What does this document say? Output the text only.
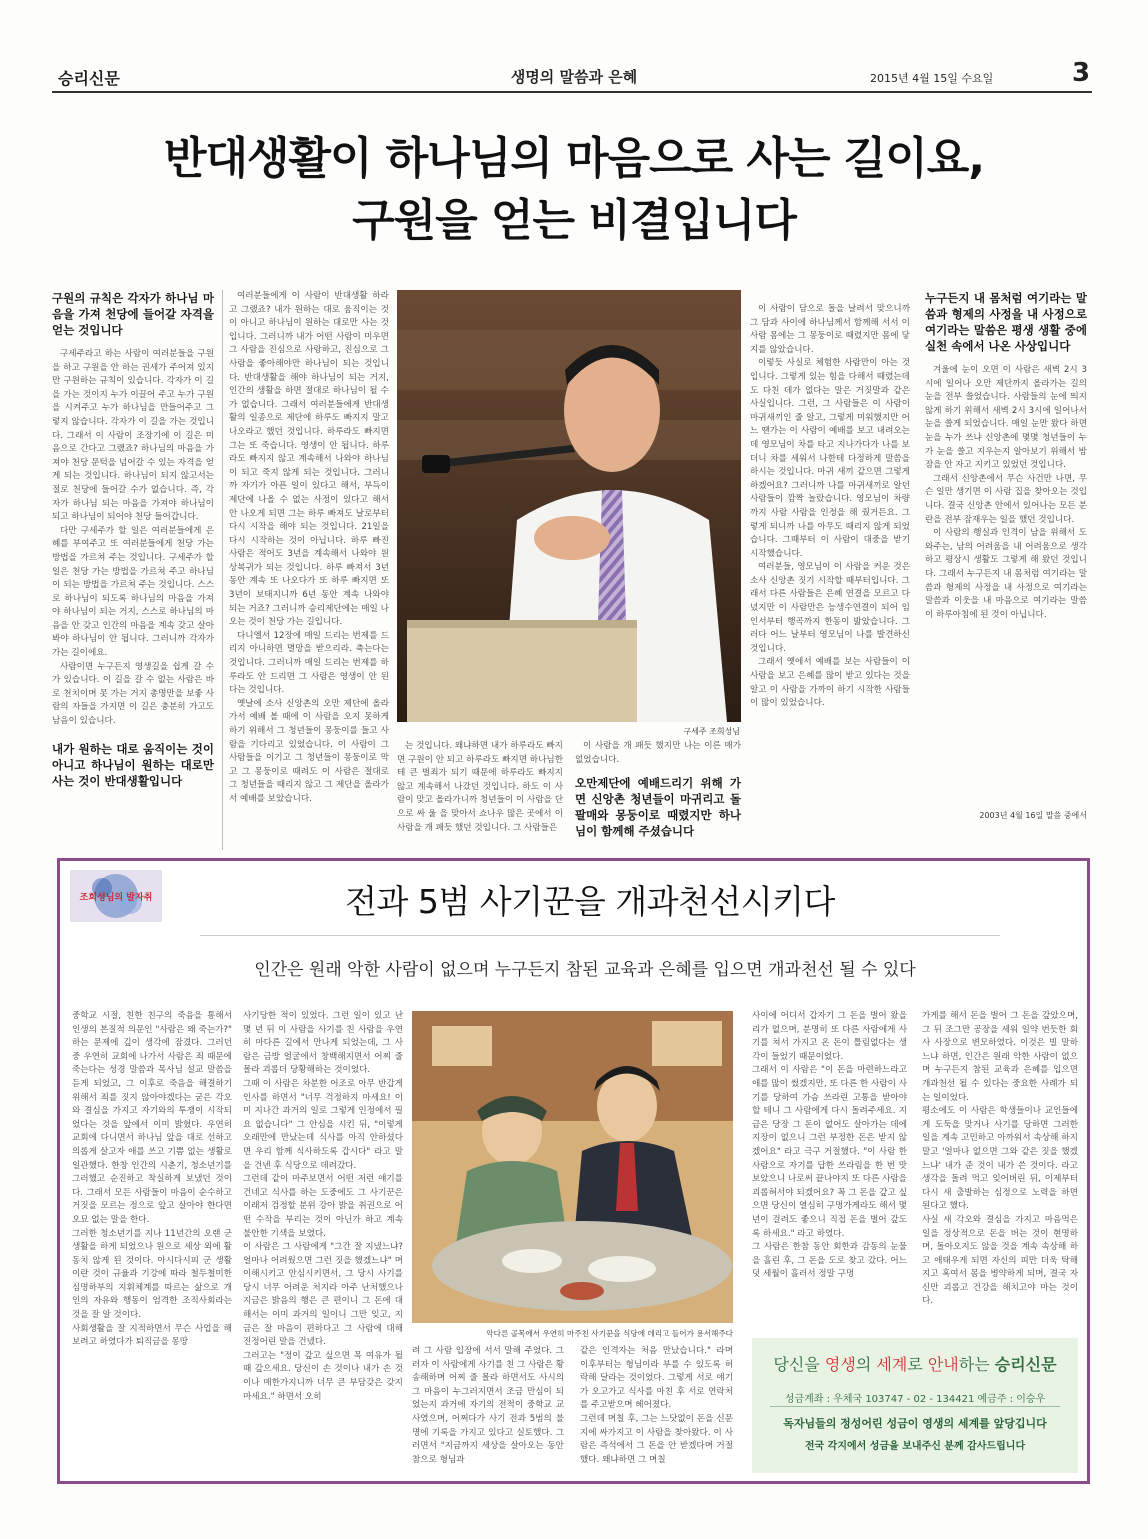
승리신문	생명의 말씀과 은혜	2015년 4월 15일 수요일	3
반대생활이 하나님의 마음으로 사는 길이요,
구원을 얻는 비결입니다
구원의 규칙은 각자가 하나님 마음을 가져 천당에 들어갈 자격을 얻는 것입니다

구세주라고 하는 사람이 여러분들을 구원을 하고 구원을 안 하는 권세가 주어져 있지만 구원하는 규칙이 있습니다. 각자가 이 길을 가는 것이지 누가 이끌어 주고 누가 구원을 시켜주고 누가 하나님을 만들어주고 그렇지 않습니다. 각자가 이 길을 가는 것입니다. 그래서 이 사람이 조장기에 이 길은 미음으로 간다고 그랬죠? 하나님의 마음을 가져야 천당 문턱을 넘어갈 수 있는 자격을 얻게 되는 것입니다. 하나님이 되지 않고서는 절로 천당에 들어갈 수가 없습니다. 즉, 각자가 하나님 되는 마음을 가져야 하나님이 되고 하나님이 되어야 천당 들어갑니다.

다만 구세주가 할 일은 여러분들에게 은혜를 부여주고 또 여러분들에게 천당 가는 방법을 가르쳐 주는 것입니다. 구세주가 할 일은 천당 가는 방법을 가르쳐 주고 하나님이 되는 방법을 가르쳐 주는 것입니다. 스스로 하나님이 되도록 하나님의 마음을 가져야 하나님이 되는 거지, 스스로 하나님의 마음을 안 갖고 인간의 마음을 계속 갖고 살아봐야 하나님이 안 됩니다. 그러니까 각자가 가는 길이에요.

사람이면 누구든지 영생길을 쉽게 갈 수가 있습니다. 이 길을 갈 수 없는 사람은 바로 천치이며 못 가는 거지 총명만을 보좋 사람의 자들을 가지면 이 길은 충분히 가고도 남음이 있습니다.

내가 원하는 대로 움직이는 것이 아니고 하나님이 원하는 대로만 사는 것이 반대생활입니다

여러분들에게 이 사람이 반대생활 하라고 그랬죠? 내가 원하는 대로 움직이는 것이 아니고 하나님이 원하는 대로만 사는 것입니다. 그러니까 내가 어떤 사람이 미우면 그 사람을 진심으로 사랑하고, 진심으로 그 사람을 좋아해야만 하나님이 되는 것입니다. 반대생활을 해야 하나님이 되는 거지, 인간의 생활을 하면 절대로 하나님이 될 수가 없습니다. 그래서 여러분들에게 반대생활의 일종으로 제단에 하루도 빠지지 말고 나오라고 했던 것입니다. 하루라도 빠지면 그는 또 죽습니다. 영생이 안 됩니다. 하루라도 빠지지 않고 계속해서 나와야 하나님이 되고 죽지 않게 되는 것입니다. 그러니까 자기가 아픈 일이 있다고 해서, 부득이 제단에 나올 수 없는 사정이 있다고 해서 안 나오게 되면 그는 하루 빠져도 날로부터 다시 시작을 해야 되는 것입니다. 21일을 다시 시작하는 것이 아닙니다. 하루 빠진 사람은 적어도 3년을 계속해서 나와야 원상복귀가 되는 것입니다. 하루 빠져서 3년 동안 계속 또 나오다가 또 하루 빠지면 또 3년이 보태지니까 6년 동안 계속 나와야 되는 거죠? 그러니까 승리제단에는 매일 나오는 것이 천당 가는 길입니다.

다니엘서 12장에 매일 드리는 번제를 드리지 아니하면 멸망을 받으리라. 축는다는 것입니다. 그러니까 매일 드리는 번제를 하루라도 안 드리면 그 사람은 영생이 안 된다는 것입니다.

옛날에 소사 신앙촌의 오만 제단에 올라가서 예배 볼 때에 이 사람을 오지 못하게 하기 위해서 그 청년들이 몽둥이를 들고 사람을 기다리고 있었습니다. 이 사람이 그 사람들을 이기고 그 청년들이 몽둥이로 막고 그 몽둥이로 때려도 이 사람은 절대로 그 청년들을 때리지 않고 그 제단을 올라가서 예배를 보았습니다.

구세주 조희성님

는 것입니다. 왜냐하면 내가 하루라도 빠지면 구원이 안 되고 하루라도 빠지면 하나님한테 큰 벌죄가 되기 때문에 하루라도 빠지지 않고 계속해서 나갔던 것입니다. 하도 이 사람이 맞고 올라가니까 청년들이 이 사람을 단으로 싸 울 을 맞아서 쇼나우 많은 곳에서 이 사람을 개 패듯 했던 것입니다. 그 사람들은

이 사람을 개 패듯 했지만 나는 이른 매가 없었습니다.

오만제단에 예배드리기 위해 가면 신앙촌 청년들이 마귀리고 돌팔매와 몽둥이로 때렸지만 하나님이 함께해 주셨습니다

이 사람이 담으로 돌을 날려서 맞으니까 그 담과 사이에 하나님께서 함께해 서서 이 사람 몸에는 그 몽둥이로 때렸지만 몸에 닿지를 않았습니다.

이렇듯 사실로 체험한 사람만이 아는 것입니다. 그렇게 있는 힘을 다해서 때렸는데도 다친 데가 없다는 말은 거짓말과 같은 사실입니다. 그런, 그 사람들은 이 사람이 마귀새끼인 줄 알고, 그렇게 미워했지만 어느 땐가는 이 사람이 예배를 보고 내려오는데 영모님이 차를 타고 지나가다가 나를 보더니 차를 세워서 나한테 다정하게 말씀을 하시는 것입니다. 마귀 새끼 같으면 그렇게 하겠어요? 그러니까 나를 마귀새끼로 알던 사람들이 깜짝 놀랐습니다. 영모님이 차량까지 사람 사람을 인정을 해 줬거든요. 그렇게 되니까 나를 아무도 때리지 않게 되었습니다. 그때부터 이 사람이 대중을 받기 시작했습니다.

여러분들, 영모님이 이 사람을 커운 것은 소사 신앙촌 짓기 시작할 때부터입니다. 그래서 다른 사람들은 은혜 연결을 모르고 다녔지만 이 사람만은 능생수연결이 되어 임인서부터 행곡까지 한동이 밟았습니다. 그러다 어느 날부터 영모님이 나를 발견하신 것입니다.

그래서 옛에서 예배를 보는 사람들이 이 사람을 보고 은혜를 많이 받고 있다는 것을 알고 이 사람을 가까이 하기 시작한 사람들이 많이 있었습니다.

누구든지 내 몸처럼 여기라는 말씀과 형제의 사정을 내 사정으로 여기라는 말씀은 평생 생활 중에 실천 속에서 나온 사상입니다

겨울에 눈이 오면 이 사람은 새벽 2시 3시에 일어나 오만 제단까지 올라가는 길의 눈을 전부 쓸었습니다. 사람들의 눈에 띄지 않게 하기 위해서 새벽 2시 3시에 일어나서 눈을 쓸게 되었습니다. 매일 눈만 왔다 하면 눈을 누가 쓰냐 신앙촌에 몇몇 청년들이 누가 눈을 쓸고 지우는지 알아보기 위해서 밤잠을 안 자고 지키고 있었던 것입니다.

그래서 신앙촌에서 무슨 사건만 나면, 무슨 일만 생기면 이 사람 집을 찾아오는 것입니다. 결국 신앙촌 안에서 있어나는 모든 분란을 전부 잠재우는 일을 했던 것입니다.

이 사람의 행실과 인격이 남을 위해서 도와주는, 남의 어려움을 내 어려움으로 생각하고 평상시 생활도 그렇게 해 왔던 것입니다. 그래서 누구든지 내 몸처럼 여기라는 말씀과 형제의 사정을 내 사정으로 여기라는 말씀과 이웃을 내 마음으로 여기라는 말씀이 하루아침에 된 것이 아닙니다.

2003년 4월 16일 말씀 중에서
조희성님의 발자취	전과 5범 사기꾼을 개과천선시키다
인간은 원래 악한 사람이 없으며 누구든지 참된 교육과 은혜를 입으면 개과천선 될 수 있다
중학교 시절, 친한 친구의 죽음을 통해서 인생의 본질적 의문인 "사람은 왜 죽는가?" 하는 문제에 깊이 생각에 잠겼다. 그러던 중 우연히 교회에 나가서 사람은 죄 때문에 죽는다는 성경 말씀과 목사님 설교 말씀을 듣게 되었고, 그 이후로 죽음을 해결하기 위해서 죄를 짓지 않아야겠다는 굳은 각오와 결심을 가지고 자기와의 투쟁이 시작되었다는 것을 앞에서 이미 밝혔다. 우연히 교회에 다니면서 하나님 앞을 대로 선하고 의롭게 살고자 애를 쓰고 기쁨 없는 생활로 일관했다. 한창 인간의 시춘기, 청소년기를 그러했고 순진하고 착실하게 보냈던 것이다. 그래서 모든 사람들이 마음이 순수하고 거짓을 모르는 정으로 앞고 살아야 한다면 오묘 없는 말을 한다.
그러한 청소년기를 지나 11년간의 오랜 군 생활을 하게 되었으나 원으로 세상 외에 활동치 않게 된 것이다. 아시다시피 군 생활이란 것이 규율과 기강에 따라 철두철미한 심명하부의 지휘체계를 따르는 삶으로 개인의 자유와 행동이 엄격한 조직사회라는 것을 잘 알 것이다.
사회생활을 잘 지적하면서 무슨 사업을 해보려고 하였다가 퇴직금을 몽땅
사기당한 적이 있었다. 그런 일이 있고 난 몇 년 뒤 이 사람을 사기를 친 사람을 우연히 마다른 길에서 만나게 되었는데, 그 사람은 금방 얼굴에서 창백해지면서 어찌 줄 몰라 괴롭더 당황해하는 것이었다.
그때 이 사람은 차분한 어조로 아무 반갑게 인사를 하면서 "너무 걱정하지 마세요! 이미 지나간 과거의 일로 그렇게 인정에서 필요 없습니다" 그 안심을 시킨 뒤, "이렇게 오래만에 만났는데 식사를 아직 안하셨다면 우리 함께 식사하도록 갑시다" 라고 말을 건넨 후 식당으로 데려갔다.
그런데 같이 마주보면서 어떤 저런 얘기를 건네고 식사를 하는 도중에도 그 사기꾼은 이래저 검정할 분위 강아 밝을 취권으로 어떤 수작을 부리는 것이 아닌가 하고 계속 불안한 기색을 보였다.
이 사람은 그 사람에게 "그간 잘 지냈느냐? 얼마나 어려웠으면 그런 짓을 했겠느냐" 며 이해시키고 안심시키면서, 그 당시 사기를 당시 너무 어려운 처지라 아주 난처했으나 지금은 밝음의 행은 큰 편이니 그 돈에 대해서는 이미 과거의 일이니 그만 잊고, 지금은 잘 마음이 편하다고 그 사람에 대해 진정어린 말을 건넸다.
그러고는 "정이 갚고 싶으면 목 여유가 될 때 갚으세요. 당신이 손 것이나 내가 손 것이나 매한가지니까 너무 큰 부담갖은 갖지 마세요." 하면서 오히
악다른 골목에서 우연히 마주친 사기꾼을 식당에 데리고 들어가 용서해주다
려 그 사람 입장에 서서 말해 주었다. 그러자 이 사람에게 사기를 친 그 사람은 황송해하며 어찌 줄 몰라 하면서도 사시의 그 마음이 누그러지면서 조금 만심이 되었는지 과거에 자기의 전적이 중학교 교사였으며, 어쩌다가 사기 전과 5범의 불명에 기록을 가지고 있다고 실토했다. 그러면서 "지금까지 세상을 살아오는 동안 참으로 형님과
같은 인격자는 처음 만났습니다." 라며 이후부터는 형님이라 부를 수 있도록 허락해 달라는 것이었다. 그렇게 서로 얘기가 오고가고 식사를 마친 후 서로 연락처를 주고받으며 헤어졌다.
그런데 며칠 후, 그는 느닷없이 돈을 신문지에 싸가지고 이 사람을 찾아왔다. 이 사람은 즉석에서 그 돈을 안 받겠다며 거절했다. 왜냐하면 그 며칠
사이에 어디서 갑자기 그 돈을 벌어 왔을 리가 없으며, 분명히 또 다른 사람에게 사기를 쳐서 가지고 온 돈이 틀림없다는 생각이 들었기 때문이었다.
그래서 이 사람은 "이 돈을 마련하느라고 애를 많이 썼겠지만, 또 다른 한 사람이 사기를 당하여 가슴 쓰라린 고통을 받아야 할 테니 그 사람에게 다시 돌려주세요. 지금은 당장 그 돈이 없어도 살아가는 데에 지장이 없으니 그런 부정한 돈은 받지 않겠어요" 라고 극구 거절했다. "이 사람 한 사람으로 자기를 답한 쓰라림을 한 번 맛보았으니 나로써 끝나야지 또 다른 사람을 괴롭혀서야 되겠어요? 꼭 그 돈을 갚고 싶으면 당신이 열심히 구멍가게라도 해서 몇 년이 걸려도 좋으니 직접 돈을 벌어 갚도록 하세요." 라고 하였다.
그 사람은 한참 동안 회한과 감동의 눈물을 흘린 후, 그 돈을 도로 찾고 갔다. 어느덧 세월이 흘러서 정말 구멍
가게를 해서 돈을 벌어 그 돈을 갚았으며, 그 뒤 조그만 공장을 세워 일약 번듯한 회사 사장으로 변모하였다. 이것은 빌 말하느냐 하면, 인간은 원래 악한 사람이 없으며 누구든지 참된 교육과 은혜를 입으면 개과천선 될 수 있다는 중요한 사례가 되는 일이었다.
평소에도 이 사람은 학생들이나 교인들에게 도둑을 맞거나 사기를 당하면 그러한 일을 계속 고민하고 아까워서 속상해 하지 말고 '얼마나 없으면 그와 같은 짓을 했겠느냐' 내가 준 것이 내가 쓴 것이다. 라고 생각을 돌려 먹고 잊어버린 뒤, 이제부터 다시 새 출발하는 심정으로 노력을 하면 된다고 했다.
사실 새 각오와 결심을 가지고 마음먹은 일을 정상적으로 돈을 버는 것이 현명하며, 돌아오지도 않을 것을 계속 속상해 하고 애태우게 되면 자신의 피만 더욱 탁해지고 혹여서 몸을 병약하게 되며, 결국 자신만 괴롭고 건강을 해치고야 마는 것이다.
당신을 영생의 세계로 안내하는 승리신문
성금계좌 : 우체국 103747 - 02 - 134421 예금주 : 이승우
독자님들의 정성어린 성금이 영생의 세계를 앞당깁니다
전국 각지에서 성금을 보내주신 분께 감사드립니다
